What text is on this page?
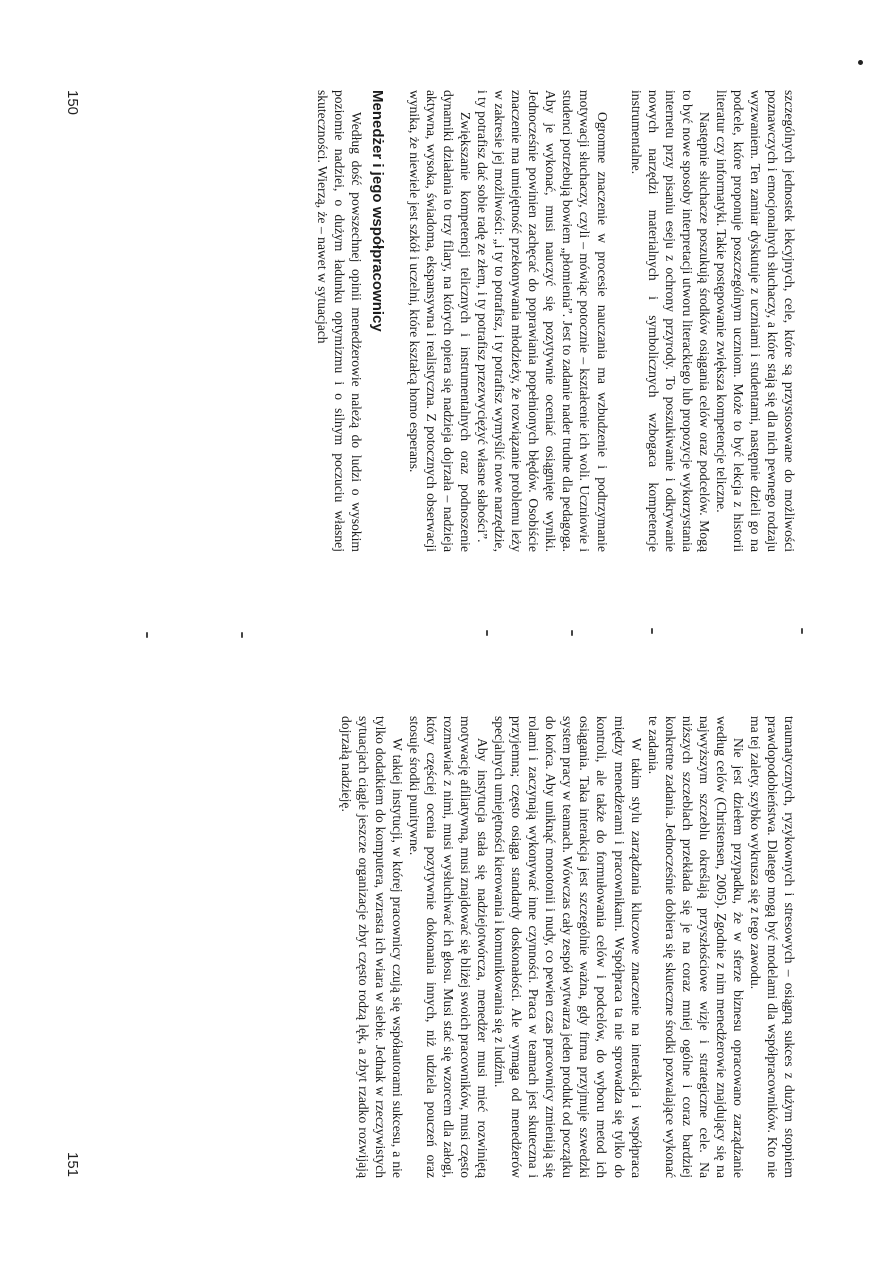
szczególnych jednostek lekcyjnych, cele, które są przystosowane do możliwości poznawczych i emocjonalnych słuchaczy, a które stają się dla nich pewnego rodzaju wyzwaniem. Ten zamiar dyskutuje z uczniami i studentami, następnie dzieli go na podcele, które proponuje poszczególnym uczniom. Może to być lekcja z historii literatur czy informatyki. Takie postępowanie zwiększa kompetencje teliczne.

Następnie słuchacze poszukują środków osiągania celów oraz podcelów. Mogą to być nowe sposoby interpretacji utworu literackiego lub propozycje wykorzystania internetu przy pisaniu eseju z ochrony przyrody. To poszukiwanie i odkrywanie nowych narzędzi materialnych i symbolicznych wzbogaca kompetencje instrumentalne.

Ogromne znaczenie w procesie nauczania ma wzbudzenie i podtrzymanie motywacji słuchaczy, czyli – mówiąc potocznie – kształcenie ich woli. Uczniowie i studenci potrzebują bowiem „płomienia”. Jest to zadanie nader trudne dla pedagoga. Aby je wykonać, musi nauczyć się pozytywnie oceniać osiągnięte wyniki. Jednocześnie powinien zachęcać do poprawiania popełnionych błędów. Osobiście znaczenie ma umiejętność przekonywania młodzieży, że rozwiązanie problemu leży w zakresie jej możliwości: „i ty to potrafisz, i ty potrafisz wymyślić nowe narzędzie, i ty potrafisz dać sobie radę ze złem, i ty potrafisz przezwyciężyć własne słabości”.

Zwiększanie kompetencji telicznych i instrumentalnych oraz podnoszenie dynamiki działania to trzy filary, na których opiera się nadzieja dojrzała – nadzieja aktywna, wysoka, świadoma, ekspansywna i realistyczna. Z potocznych obserwacji wynika, że niewiele jest szkół i uczelni, które kształcą homo esperans.

Menedżer i jego współpracownicy

Według dość powszechnej opinii menedżerowie należą do ludzi o wysokim poziomie nadziei, o dużym ładunku optymizmu i o silnym poczuciu własnej skuteczności. Wierzą, że – nawet w sytuacjach

150

traumatycznych, ryzykownych i stresowych – osiągną sukces z dużym stopniem prawdopodobieństwa. Dlatego mogą być modelami dla współpracowników. Kto nie ma tej zalety, szybko wykrusza się z tego zawodu.

Nie jest dziełem przypadku, że w sferze biznesu opracowano zarządzanie według celów (Christensen, 2005). Zgodnie z nim menedżerowie znajdujący się na najwyższym szczeblu określają przyszłościowe wizje i strategiczne cele. Na niższych szczeblach przekłada się je na coraz mniej ogólne i coraz bardziej konkretne zadania. Jednocześnie dobiera się skuteczne środki pozwalające wykonać te zadania.

W takim stylu zarządzania kluczowe znaczenie na interakcja i współpraca między menedżerami i pracownikami. Współpraca ta nie sprowadza się tylko do kontroli, ale także do formułowania celów i podcelów, do wyboru metod ich osiągania. Taka interakcja jest szczególnie ważna, gdy firma przyjmuje szwedzki system pracy w teamach. Wówczas cały zespół wytwarza jeden produkt od początku do końca. Aby uniknąć monotonii i nudy, co pewien czas pracownicy zmieniają się rolami i zaczynają wykonywać inne czynności. Praca w teamach jest skuteczna i przyjemna; często osiąga standardy doskonałości. Ale wymaga od menedżerów specjalnych umiejętności kierowania i komunikowania się z ludźmi.

Aby instytucja stała się nadziejotwórcza, menedżer musi mieć rozwiniętą motywację afiliatywną, musi znajdować się bliżej swoich pracowników, musi często rozmawiać z nimi, musi wysłuchiwać ich głosu. Musi stać się wzorcem dla załogi, który częściej ocenia pozytywnie dokonania innych, niż udziela pouczeń oraz stosuje środki punitywne.

W takiej instytucji, w której pracownicy czują się współautorami sukcesu, a nie tylko dodatkiem do komputera, wzrasta ich wiara w siebie. Jednak w rzeczywistych sytuacjach ciągle jeszcze organizacje zbyt często rodzą lęk, a zbyt rzadko rozwijają dojrzałą nadzieję.

151
